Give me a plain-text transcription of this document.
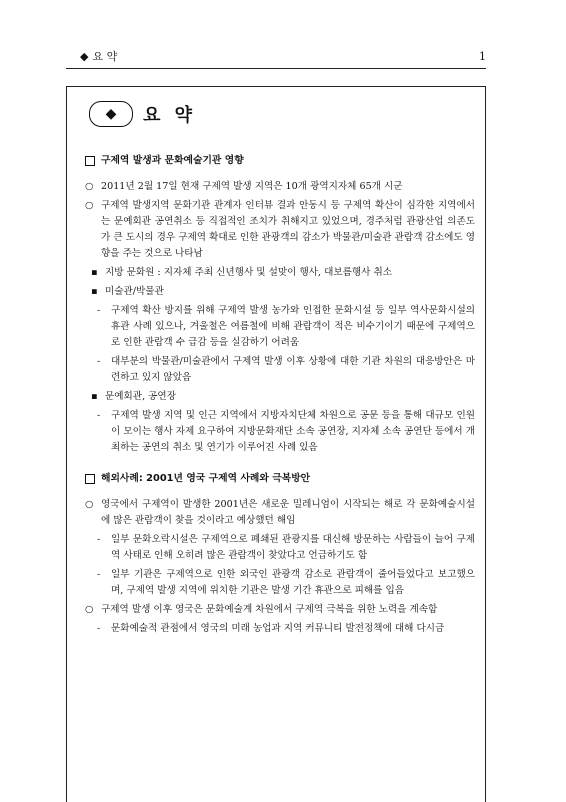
◆ 요 약	1
◆ 요 약
구제역 발생과 문화예술기관 영향
○ 2011년 2월 17일 현재 구제역 발생 지역은 10개 광역지자체 65개 시군
○ 구제역 발생지역 문화기관 관계자 인터뷰 결과 안동시 등 구제역 확산이 심각한 지역에서는 문예회관 공연취소 등 직접적인 조치가 취해지고 있었으며, 경주처럼 관광산업 의존도가 큰 도시의 경우 구제역 확대로 인한 관광객의 감소가 박물관/미술관 관람객 감소에도 영향을 주는 것으로 나타남
▪ 지방 문화원 : 지자체 주최 신년행사 및 설맞이 행사, 대보름행사 취소
▪ 미술관/박물관
- 구제역 확산 방지를 위해 구제역 발생 농가와 인접한 문화시설 등 일부 역사문화시설의 휴관 사례 있으나, 겨울철은 여름철에 비해 관람객이 적은 비수기이기 때문에 구제역으로 인한 관람객 수 급감 등을 실감하기 어려움
- 대부분의 박물관/미술관에서 구제역 발생 이후 상황에 대한 기관 차원의 대응방안은 마련하고 있지 않았음
▪ 문예회관, 공연장
- 구제역 발생 지역 및 인근 지역에서 지방자치단체 차원으로 공문 등을 통해 대규모 인원이 모이는 행사 자제 요구하여 지방문화재단 소속 공연장, 지자체 소속 공연단 등에서 개최하는 공연의 취소 및 연기가 이루어진 사례 있음
해외사례: 2001년 영국 구제역 사례와 극복방안
○ 영국에서 구제역이 발생한 2001년은 새로운 밀레니엄이 시작되는 해로 각 문화예술시설에 많은 관람객이 찾을 것이라고 예상했던 해임
- 일부 문화오락시설은 구제역으로 폐쇄된 관광지를 대신해 방문하는 사람들이 늘어 구제역 사태로 인해 오히려 많은 관람객이 찾았다고 언급하기도 함
- 일부 기관은 구제역으로 인한 외국인 관광객 감소로 관람객이 줄어들었다고 보고했으며, 구제역 발생 지역에 위치한 기관은 발생 기간 휴관으로 피해를 입음
○ 구제역 발생 이후 영국은 문화예술계 차원에서 구제역 극복을 위한 노력을 계속함
- 문화예술적 관점에서 영국의 미래 농업과 지역 커뮤니티 발전정책에 대해 다시금
